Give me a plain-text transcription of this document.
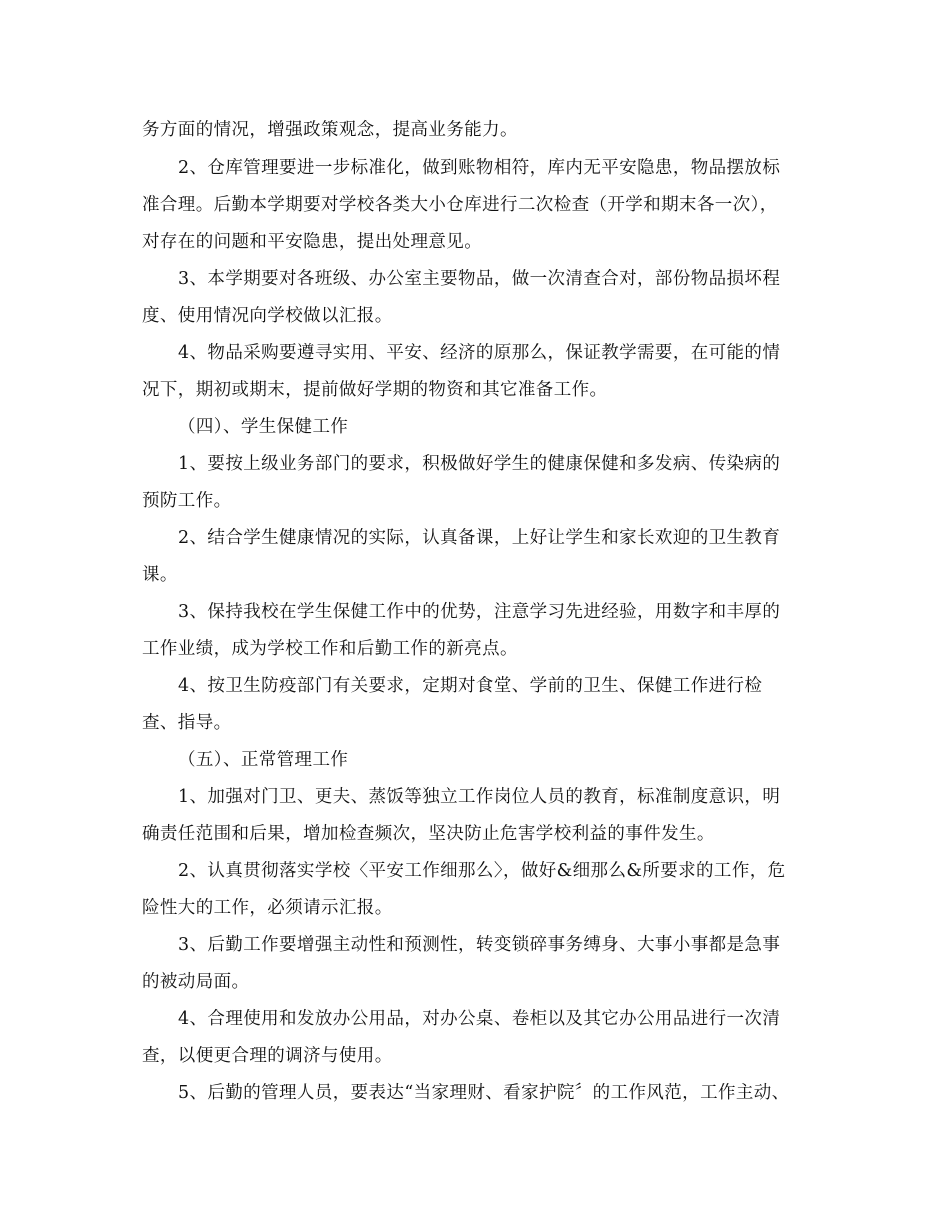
务方面的情况，增强政策观念，提高业务能力。
2、仓库管理要进一步标准化，做到账物相符，库内无平安隐患，物品摆放标
准合理。后勤本学期要对学校各类大小仓库进行二次检查（开学和期末各一次），
对存在的问题和平安隐患，提出处理意见。
3、本学期要对各班级、办公室主要物品，做一次清查合对，部份物品损坏程
度、使用情况向学校做以汇报。
4、物品采购要遵寻实用、平安、经济的原那么，保证教学需要，在可能的情
况下，期初或期末，提前做好学期的物资和其它准备工作。
（四）、学生保健工作
1、要按上级业务部门的要求，积极做好学生的健康保健和多发病、传染病的
预防工作。
2、结合学生健康情况的实际，认真备课，上好让学生和家长欢迎的卫生教育
课。
3、保持我校在学生保健工作中的优势，注意学习先进经验，用数字和丰厚的
工作业绩，成为学校工作和后勤工作的新亮点。
4、按卫生防疫部门有关要求，定期对食堂、学前的卫生、保健工作进行检
查、指导。
（五）、正常管理工作
1、加强对门卫、更夫、蒸饭等独立工作岗位人员的教育，标准制度意识，明
确责任范围和后果，增加检查频次，坚决防止危害学校利益的事件发生。
2、认真贯彻落实学校〈平安工作细那么〉，做好&细那么&所要求的工作，危
险性大的工作，必须请示汇报。
3、后勤工作要增强主动性和预测性，转变锁碎事务缚身、大事小事都是急事
的被动局面。
4、合理使用和发放办公用品，对办公桌、卷柜以及其它办公用品进行一次清
查，以便更合理的调济与使用。
5、后勤的管理人员，要表达“当家理财、看家护院〞的工作风范，工作主动、
